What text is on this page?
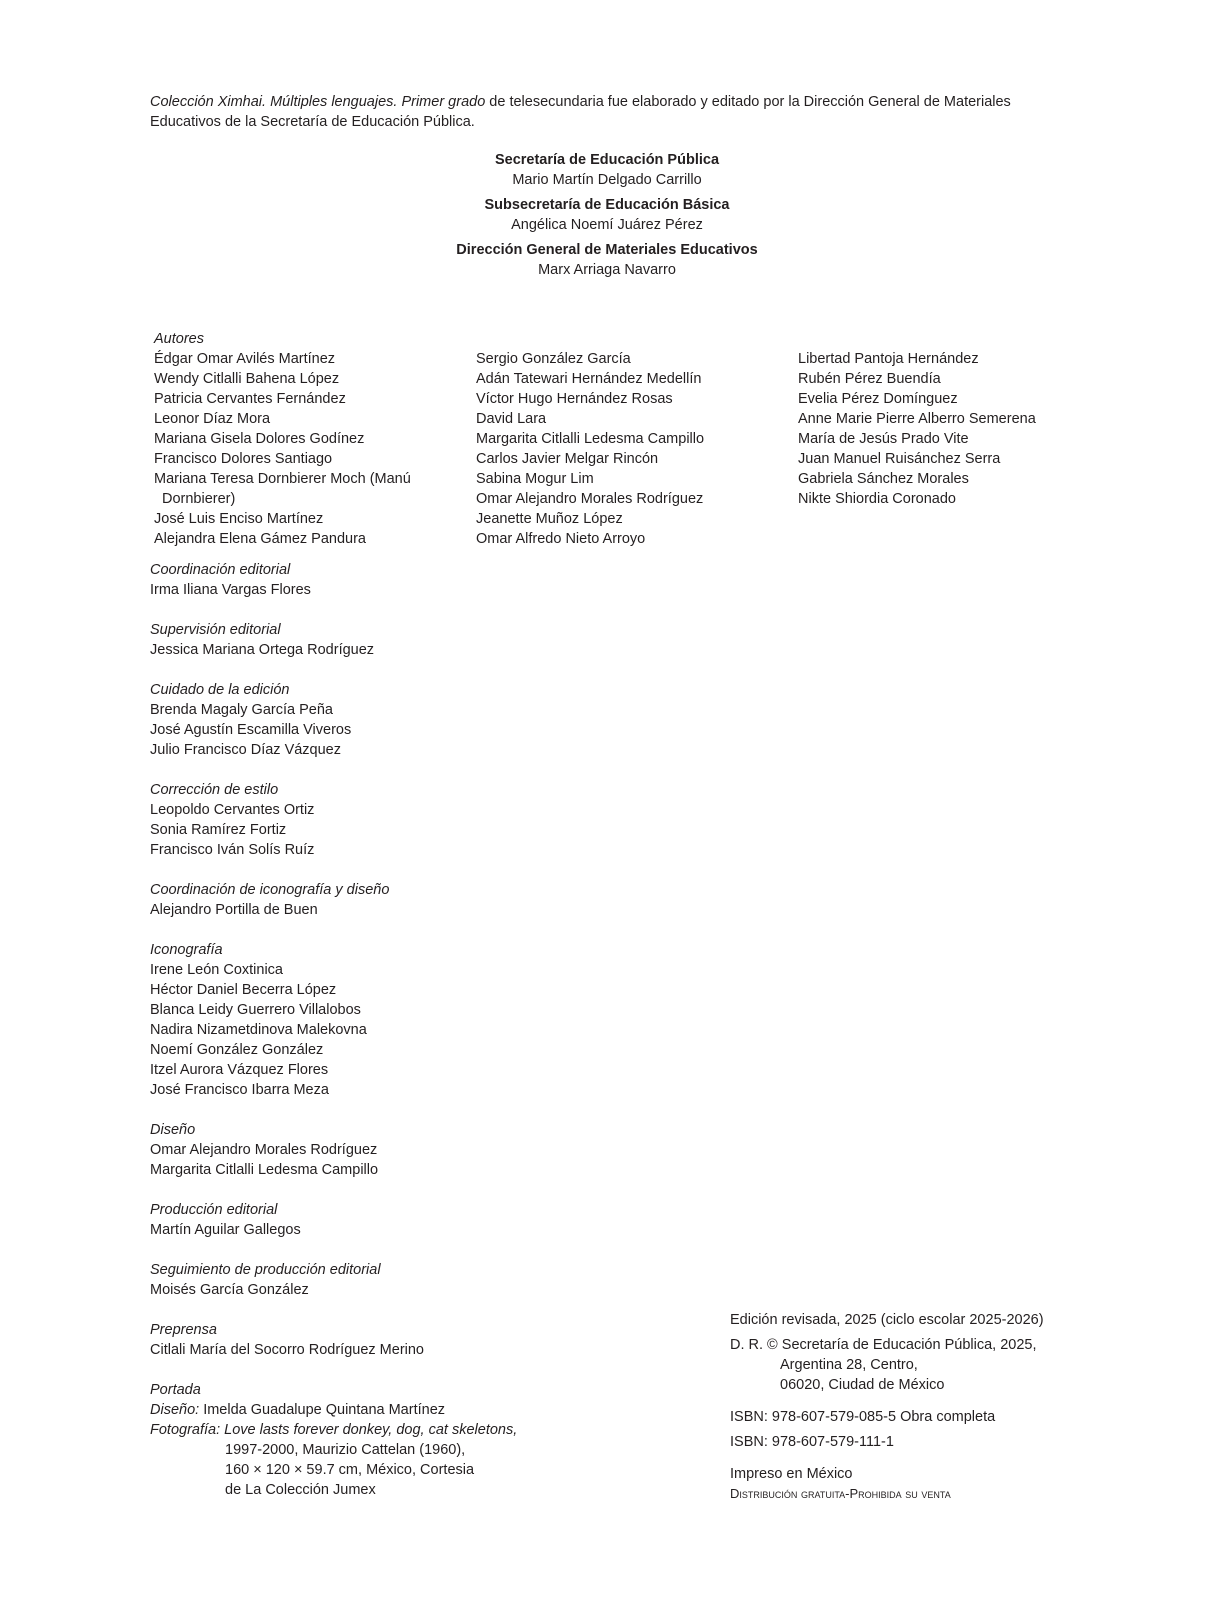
Colección Ximhai. Múltiples lenguajes. Primer grado de telesecundaria fue elaborado y editado por la Dirección General de Materiales
Educativos de la Secretaría de Educación Pública.
Secretaría de Educación Pública
Mario Martín Delgado Carrillo
Subsecretaría de Educación Básica
Angélica Noemí Juárez Pérez
Dirección General de Materiales Educativos
Marx Arriaga Navarro
Autores
Édgar Omar Avilés Martínez
Wendy Citlalli Bahena López
Patricia Cervantes Fernández
Leonor Díaz Mora
Mariana Gisela Dolores Godínez
Francisco Dolores Santiago
Mariana Teresa Dornbierer Moch (Manú
Dornbierer)
José Luis Enciso Martínez
Alejandra Elena Gámez Pandura
Sergio González García
Adán Tatewari Hernández Medellín
Víctor Hugo Hernández Rosas
David Lara
Margarita Citlalli Ledesma Campillo
Carlos Javier Melgar Rincón
Sabina Mogur Lim
Omar Alejandro Morales Rodríguez
Jeanette Muñoz López
Omar Alfredo Nieto Arroyo
Libertad Pantoja Hernández
Rubén Pérez Buendía
Evelia Pérez Domínguez
Anne Marie Pierre Alberro Semerena
María de Jesús Prado Vite
Juan Manuel Ruisánchez Serra
Gabriela Sánchez Morales
Nikte Shiordia Coronado
Coordinación editorial
Irma Iliana Vargas Flores
Supervisión editorial
Jessica Mariana Ortega Rodríguez
Cuidado de la edición
Brenda Magaly García Peña
José Agustín Escamilla Viveros
Julio Francisco Díaz Vázquez
Corrección de estilo
Leopoldo Cervantes Ortiz
Sonia Ramírez Fortiz
Francisco Iván Solís Ruíz
Coordinación de iconografía y diseño
Alejandro Portilla de Buen
Iconografía
Irene León Coxtinica
Héctor Daniel Becerra López
Blanca Leidy Guerrero Villalobos
Nadira Nizametdinova Malekovna
Noemí González González
Itzel Aurora Vázquez Flores
José Francisco Ibarra Meza
Diseño
Omar Alejandro Morales Rodríguez
Margarita Citlalli Ledesma Campillo
Producción editorial
Martín Aguilar Gallegos
Seguimiento de producción editorial
Moisés García González
Preprensa
Citlali María del Socorro Rodríguez Merino
Portada
Diseño: Imelda Guadalupe Quintana Martínez
Fotografía: Love lasts forever donkey, dog, cat skeletons,
1997-2000, Maurizio Cattelan (1960),
160 × 120 × 59.7 cm, México, Cortesia
de La Colección Jumex
Edición revisada, 2025 (ciclo escolar 2025-2026)
D. R. © Secretaría de Educación Pública, 2025,
Argentina 28, Centro,
06020, Ciudad de México
ISBN: 978-607-579-085-5 Obra completa
ISBN: 978-607-579-111-1
Impreso en México
Distribución gratuita-Prohibida su venta
